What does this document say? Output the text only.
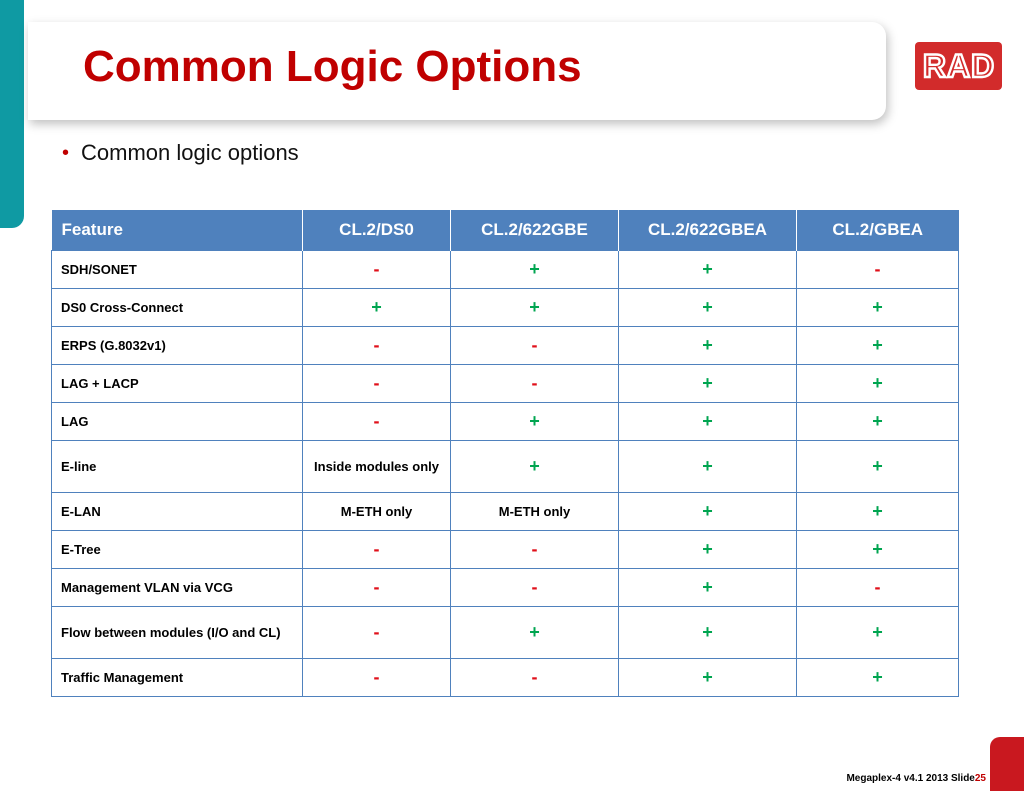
Common Logic Options	RAD
• Common logic options
Feature	CL.2/DS0	CL.2/622GBE	CL.2/622GBEA	CL.2/GBEA
SDH/SONET	-	+	+	-
DS0 Cross-Connect	+	+	+	+
ERPS (G.8032v1)	-	-	+	+
LAG + LACP	-	-	+	+
LAG	-	+	+	+
E-line	Inside modules only	+	+	+
E-LAN	M-ETH only	M-ETH only	+	+
E-Tree	-	-	+	+
Management VLAN via VCG	-	-	+	-
Flow between modules (I/O and CL)	-	+	+	+
Traffic Management	-	-	+	+
Megaplex-4 v4.1 2013 Slide25
